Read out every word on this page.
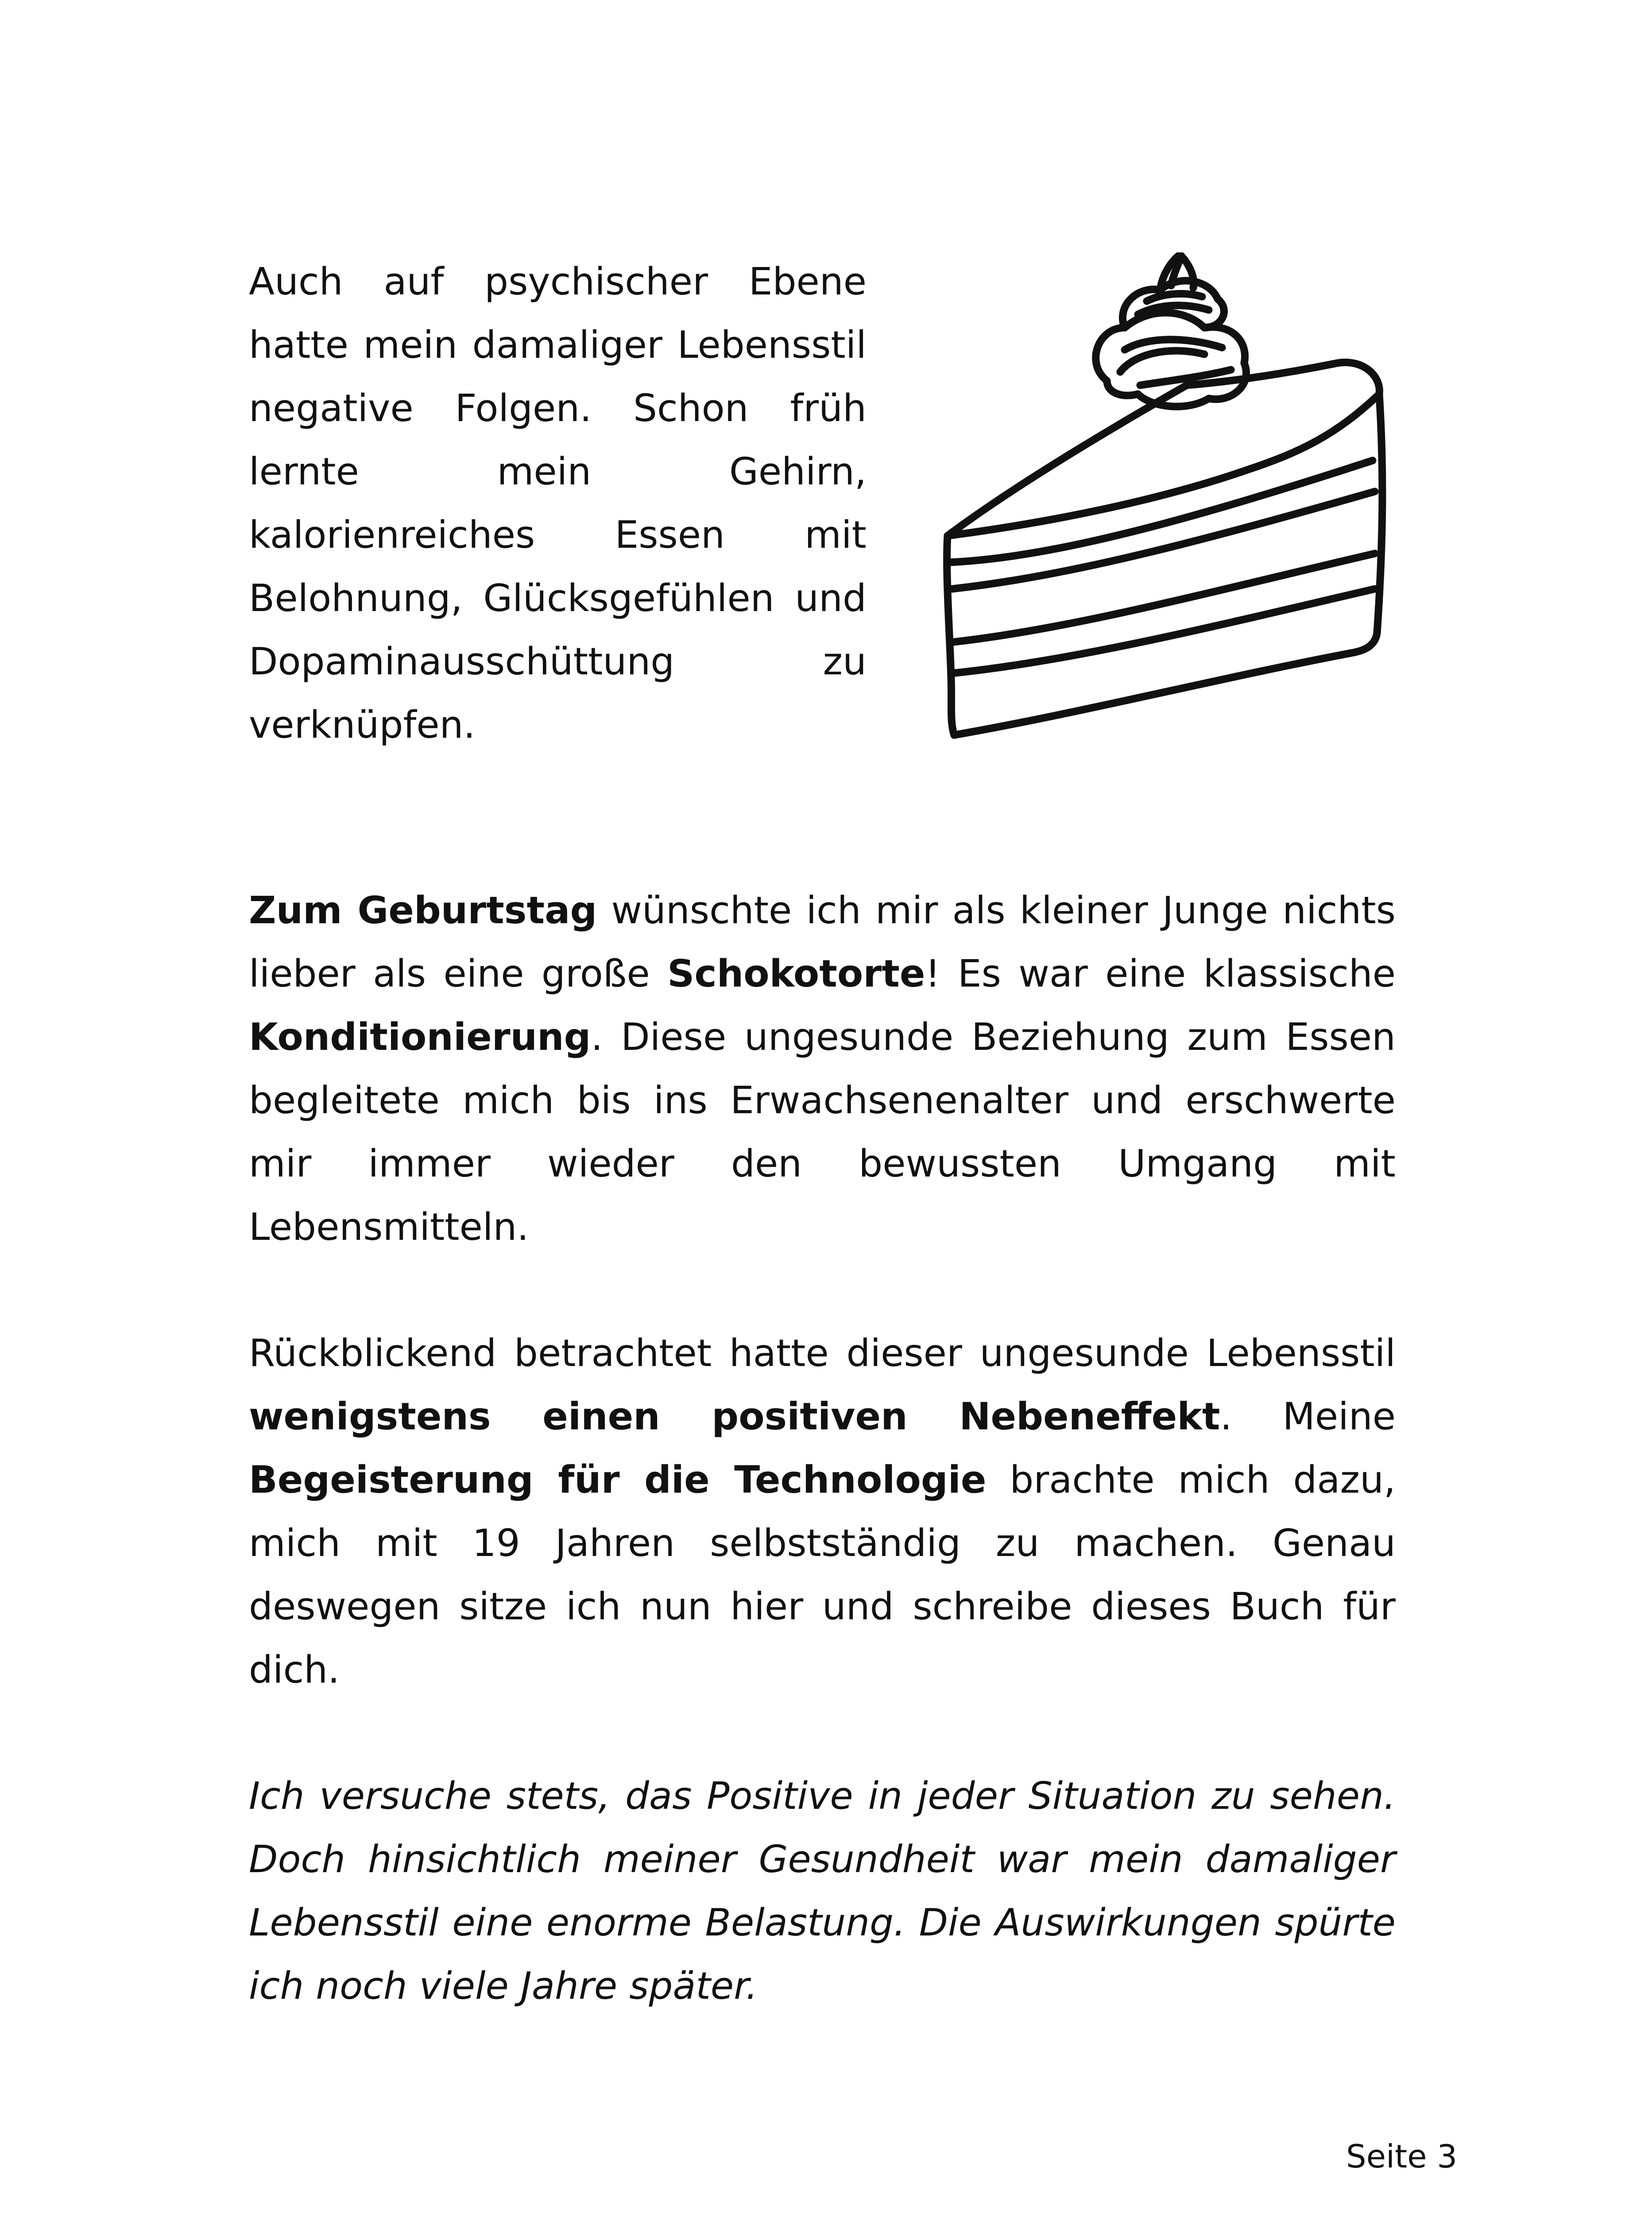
Auch auf psychischer Ebene hatte mein damaliger Lebensstil negative Folgen. Schon früh lernte mein Gehirn, kalorienreiches Essen mit Belohnung, Glücksgefühlen und Dopaminausschüttung zu verknüpfen.

Zum Geburtstag wünschte ich mir als kleiner Junge nichts lieber als eine große Schokotorte! Es war eine klassische Konditionierung. Diese ungesunde Beziehung zum Essen begleitete mich bis ins Erwachsenenalter und erschwerte mir immer wieder den bewussten Umgang mit Lebensmitteln.

Rückblickend betrachtet hatte dieser ungesunde Lebensstil wenigstens einen positiven Nebeneffekt. Meine Begeisterung für die Technologie brachte mich dazu, mich mit 19 Jahren selbstständig zu machen. Genau deswegen sitze ich nun hier und schreibe dieses Buch für dich.

Ich versuche stets, das Positive in jeder Situation zu sehen. Doch hinsichtlich meiner Gesundheit war mein damaliger Lebensstil eine enorme Belastung. Die Auswirkungen spürte ich noch viele Jahre später.

Seite 3
